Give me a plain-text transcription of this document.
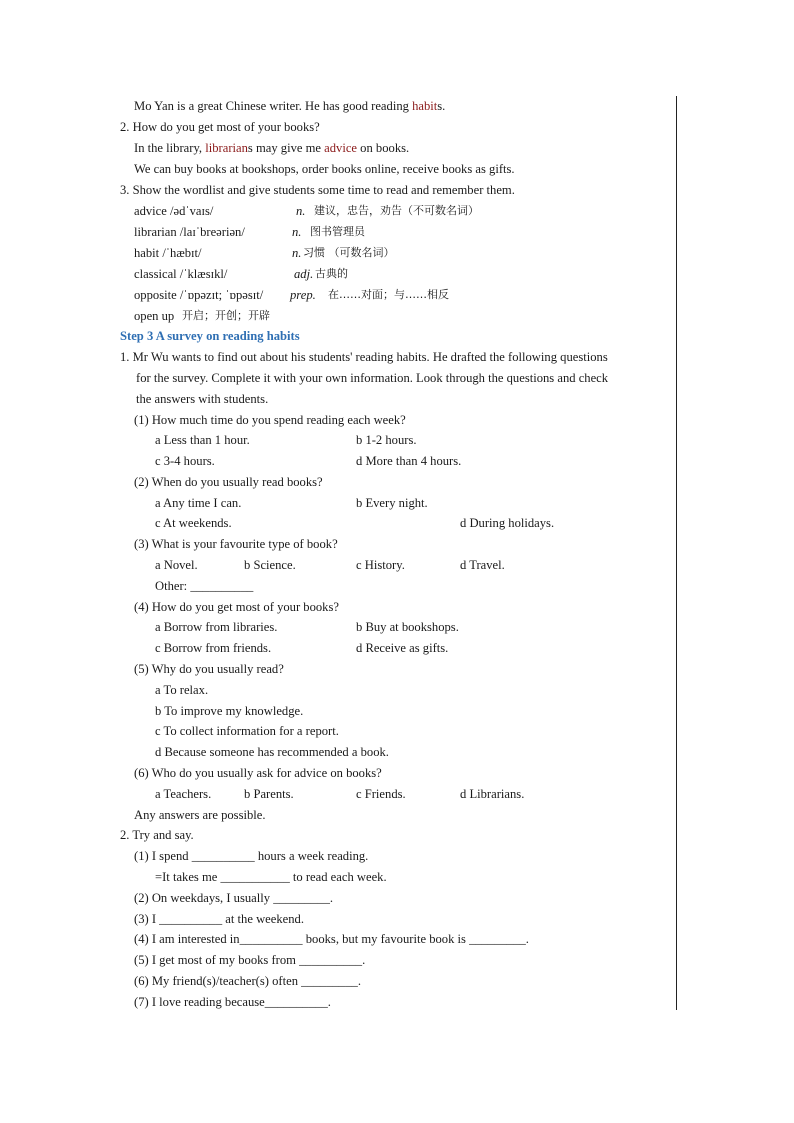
Mo Yan is a great Chinese writer. He has good reading habits.
2. How do you get most of your books?
In the library, librarians may give me advice on books.
We can buy books at bookshops, order books online, receive books as gifts.
3. Show the wordlist and give students some time to read and remember them.
advice /ədˈvaɪs/	n. 建议，忠告，劝告（不可数名词）
librarian /laɪˈbreəriən/	n. 图书管理员
habit /ˈhæbɪt/	n. 习惯 （可数名词）
classical /ˈklæsɪkl/	adj. 古典的
opposite /ˈɒpəzɪt; ˈɒpəsɪt/ prep. 在……对面；与……相反
open up 开启；开创；开辟
Step 3 A survey on reading habits
1. Mr Wu wants to find out about his students' reading habits. He drafted the following questions
for the survey. Complete it with your own information. Look through the questions and check
the answers with students.
(1) How much time do you spend reading each week?
a Less than 1 hour.	b 1-2 hours.
c 3-4 hours.	d More than 4 hours.
(2) When do you usually read books?
a Any time I can.	b Every night.
c At weekends.	d During holidays.
(3) What is your favourite type of book?
a Novel.	b Science.	c History.	d Travel.
Other: __________
(4) How do you get most of your books?
a Borrow from libraries.	b Buy at bookshops.
c Borrow from friends.	d Receive as gifts.
(5) Why do you usually read?
a To relax.
b To improve my knowledge.
c To collect information for a report.
d Because someone has recommended a book.
(6) Who do you usually ask for advice on books?
a Teachers.	b Parents.	c Friends.	d Librarians.
Any answers are possible.
2. Try and say.
(1) I spend __________ hours a week reading.
=It takes me ___________ to read each week.
(2) On weekdays, I usually _________.
(3) I __________ at the weekend.
(4) I am interested in__________ books, but my favourite book is _________.
(5) I get most of my books from __________.
(6) My friend(s)/teacher(s) often _________.
(7) I love reading because__________.
